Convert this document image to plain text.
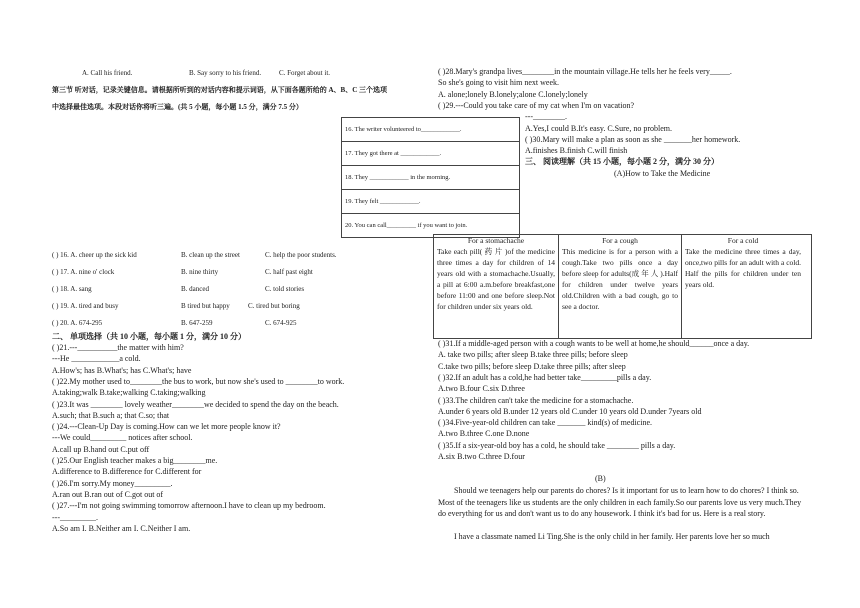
A. Call his friend.	B. Say sorry to his friend.	C. Forget about it.
第三节 听对话，记录关键信息。请根据所听到的对话内容和提示词语，从下面各题所给的 A、B、C 三个选项
中选择最佳选项。本段对话你将听三遍。(共 5 小题，每小题 1.5 分，满分 7.5 分）
16. The writer volunteered to____________.
17. They got there at ____________.
18. They ____________ in the morning.
19. They felt ____________.
20. You can call_________ if you want to join.
( ) 16. A. cheer up the sick kid	B. clean up the street	C. help the poor students.
( ) 17. A. nine o' clock	B. nine thirty	C. half past eight
( ) 18. A. sang	B. danced	C. told stories
( ) 19. A. tired and busy	B tired but happy	C. tired but boring
( ) 20. A. 674-295	B. 647-259	C. 674-925
二、 单项选择（共 10 小题，每小题 1 分，满分 10 分）
( )21.---__________the matter with him?
---He ____________a cold.
A.How's; has B.What's; has C.What's; have
( )22.My mother used to________the bus to work, but now she's used to ________to work.
A.taking;walk B.take;walking C.taking;walking
( )23.It was ________ lovely weather________we decided to spend the day on the beach.
A.such; that B.such a; that C.so; that
( )24.---Clean-Up Day is coming.How can we let more people know it?
---We could_________ notices after school.
A.call up B.hand out C.put off
( )25.Our English teacher makes a big________me.
A.difference to B.difference for C.different for
( )26.I'm sorry.My money_________.
A.ran out B.ran out of C.got out of
( )27.---I'm not going swimming tomorrow afternoon.I have to clean up my bedroom.
---_________.
A.So am I. B.Neither am I. C.Neither I am.
( )28.Mary's grandpa lives________in the mountain village.He tells her he feels very_____.
So she's going to visit him next week.
A. alone;lonely B.lonely;alone C.lonely;lonely
( )29.---Could you take care of my cat when I'm on vacation?
---________.
A.Yes,I could B.It's easy. C.Sure, no problem.
( )30.Mary will make a plan as soon as she _______her homework.
A.finishes B.finish C.will finish
三、 阅读理解（共 15 小题，每小题 2 分，满分 30 分）
(A)How to Take the Medicine
For a stomachache
Take each pill( 药 片 )of the medicine three times a day for children of 14 years old with a stomachache.Usually, a pill at 6:00 a.m.before breakfast,one before 11:00 and one before sleep.Not for children under six years old.
For a cough
This medicine is for a person with a cough.Take two pills once a day before sleep for adults(成 年 人 ).Half for children under twelve years old.Children with a bad cough, go to see a doctor.
For a cold
Take the medicine three times a day, once,two pills for an adult with a cold. Half the pills for children under ten years old.
( )31.If a middle-aged person with a cough wants to be well at home,he should______once a day.
A. take two pills; after sleep B.take three pills; before sleep
C.take two pills; before sleep D.take three pills; after sleep
( )32.If an adult has a cold,he had better take_________pills a day.
A.two B.four C.six D.three
( )33.The children can't take the medicine for a stomachache.
A.under 6 years old B.under 12 years old C.under 10 years old D.under 7years old
( )34.Five-year-old children can take _______ kind(s) of medicine.
A.two B.three C.one D.none
( )35.If a six-year-old boy has a cold, he should take ________ pills a day.
A.six B.two C.three D.four
(B)
Should we teenagers help our parents do chores? Is it important for us to learn how to do chores? I think so. Most of the teenagers like us students are the only children in each family.So our parents love us very much.They do everything for us and don't want us to do any housework. I think it's bad for us. Here is a real story.
I have a classmate named Li Ting.She is the only child in her family. Her parents love her so much
